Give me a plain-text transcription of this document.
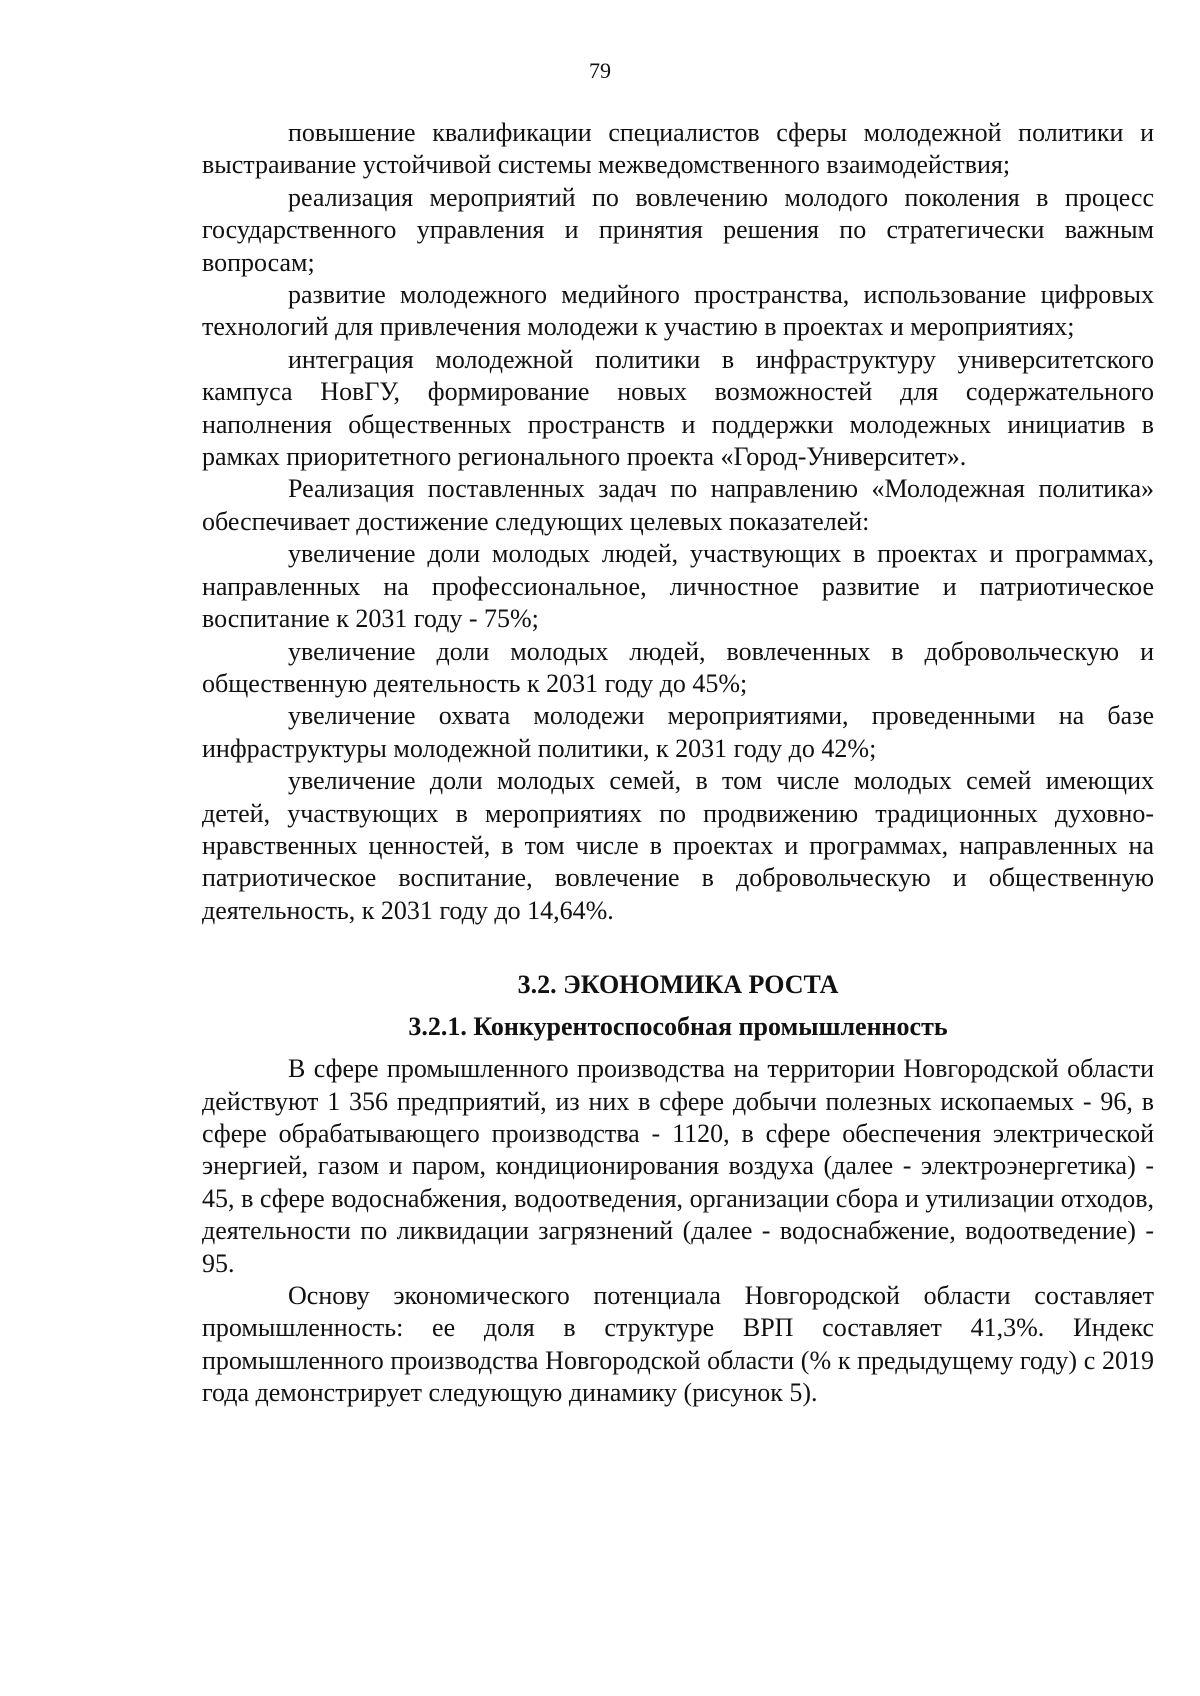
79

повышение квалификации специалистов сферы молодежной политики и выстраивание устойчивой системы межведомственного взаимодействия;

реализация мероприятий по вовлечению молодого поколения в процесс государственного управления и принятия решения по стратегически важным вопросам;

развитие молодежного медийного пространства, использование цифровых технологий для привлечения молодежи к участию в проектах и мероприятиях;

интеграция молодежной политики в инфраструктуру университетского кампуса НовГУ, формирование новых возможностей для содержательного наполнения общественных пространств и поддержки молодежных инициатив в рамках приоритетного регионального проекта «Город-Университет».

Реализация поставленных задач по направлению «Молодежная политика» обеспечивает достижение следующих целевых показателей:

увеличение доли молодых людей, участвующих в проектах и программах, направленных на профессиональное, личностное развитие и патриотическое воспитание к 2031 году - 75%;

увеличение доли молодых людей, вовлеченных в добровольческую и общественную деятельность к 2031 году до 45%;

увеличение охвата молодежи мероприятиями, проведенными на базе инфраструктуры молодежной политики, к 2031 году до 42%;

увеличение доли молодых семей, в том числе молодых семей имеющих детей, участвующих в мероприятиях по продвижению традиционных духовно-нравственных ценностей, в том числе в проектах и программах, направленных на патриотическое воспитание, вовлечение в добровольческую и общественную деятельность, к 2031 году до 14,64%.

3.2. ЭКОНОМИКА РОСТА
3.2.1. Конкурентоспособная промышленность

В сфере промышленного производства на территории Новгородской области действуют 1 356 предприятий, из них в сфере добычи полезных ископаемых - 96, в сфере обрабатывающего производства - 1120, в сфере обеспечения электрической энергией, газом и паром, кондиционирования воздуха (далее - электроэнергетика) - 45, в сфере водоснабжения, водоотведения, организации сбора и утилизации отходов, деятельности по ликвидации загрязнений (далее - водоснабжение, водоотведение) - 95.

Основу экономического потенциала Новгородской области составляет промышленность: ее доля в структуре ВРП составляет 41,3%. Индекс промышленного производства Новгородской области (% к предыдущему году) с 2019 года демонстрирует следующую динамику (рисунок 5).
